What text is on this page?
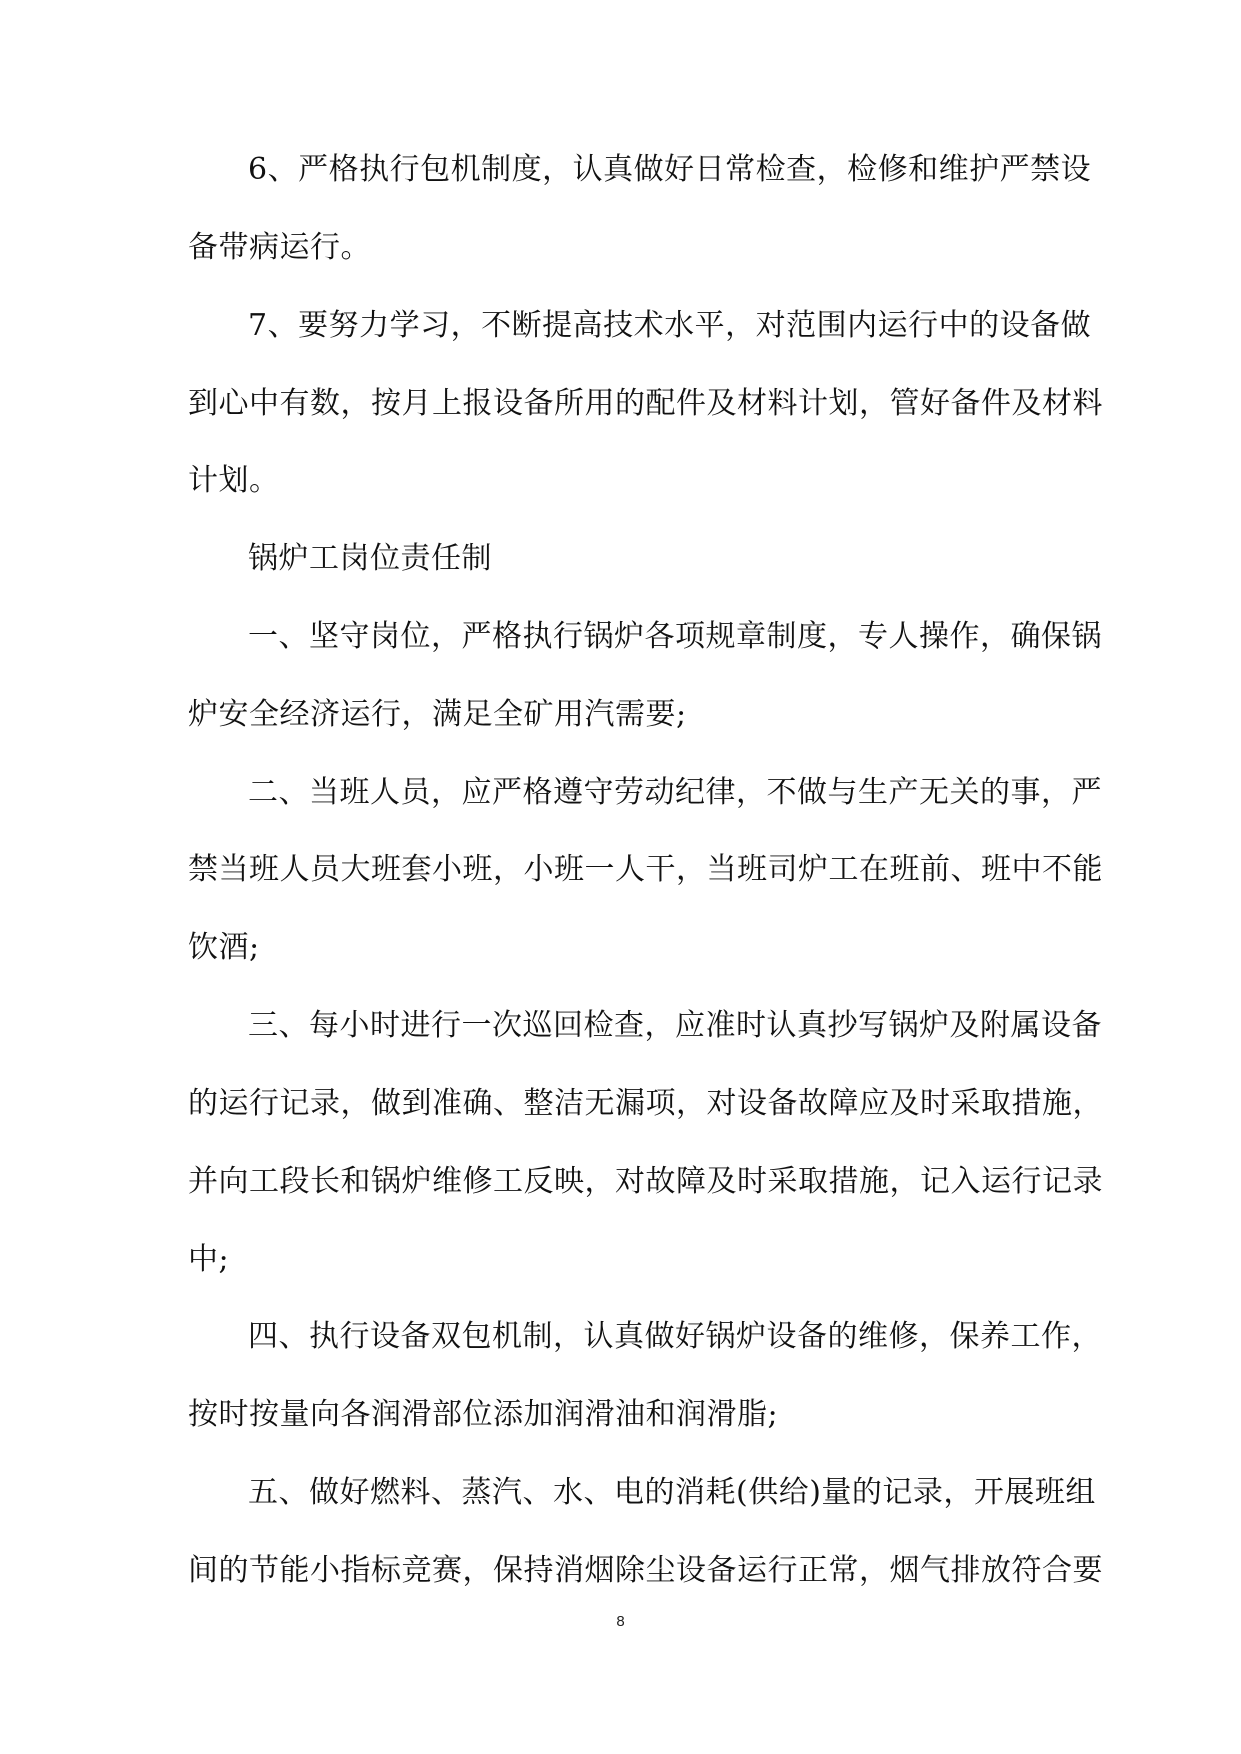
6、严格执行包机制度，认真做好日常检查，检修和维护严禁设
备带病运行。
7、要努力学习，不断提高技术水平，对范围内运行中的设备做
到心中有数，按月上报设备所用的配件及材料计划，管好备件及材料
计划。
锅炉工岗位责任制
一、坚守岗位，严格执行锅炉各项规章制度，专人操作，确保锅
炉安全经济运行，满足全矿用汽需要;
二、当班人员，应严格遵守劳动纪律，不做与生产无关的事，严
禁当班人员大班套小班，小班一人干，当班司炉工在班前、班中不能
饮酒;
三、每小时进行一次巡回检查，应准时认真抄写锅炉及附属设备
的运行记录，做到准确、整洁无漏项，对设备故障应及时采取措施，
并向工段长和锅炉维修工反映，对故障及时采取措施，记入运行记录
中;
四、执行设备双包机制，认真做好锅炉设备的维修，保养工作，
按时按量向各润滑部位添加润滑油和润滑脂;
五、做好燃料、蒸汽、水、电的消耗(供给)量的记录，开展班组
间的节能小指标竞赛，保持消烟除尘设备运行正常，烟气排放符合要
8
